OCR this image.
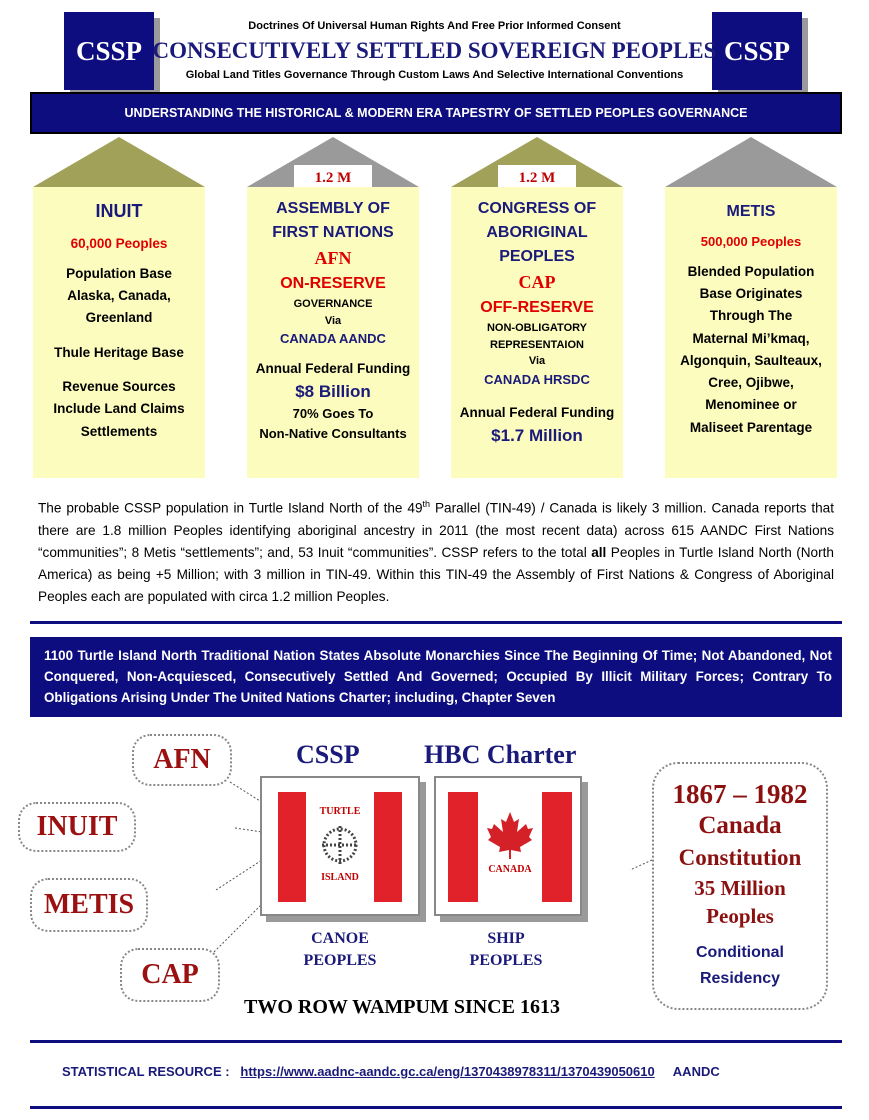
CSSP	CSSP
Doctrines Of Universal Human Rights And Free Prior Informed Consent
CONSECUTIVELY SETTLED SOVEREIGN PEOPLES
Global Land Titles Governance Through Custom Laws And Selective International Conventions
UNDERSTANDING THE HISTORICAL & MODERN ERA TAPESTRY OF SETTLED PEOPLES GOVERNANCE
INUIT
60,000 Peoples
Population Base
Alaska, Canada,
Greenland
Thule Heritage Base
Revenue Sources
Include Land Claims
Settlements
1.2 M
ASSEMBLY OF
FIRST NATIONS
AFN
ON-RESERVE
GOVERNANCE
Via
CANADA AANDC
Annual Federal Funding
$8 Billion
70% Goes To
Non-Native Consultants
1.2 M
CONGRESS OF
ABORIGINAL
PEOPLES
CAP
OFF-RESERVE
NON-OBLIGATORY
REPRESENTAION
Via
CANADA HRSDC
Annual Federal Funding
$1.7 Million
METIS
500,000 Peoples
Blended Population
Base Originates
Through The
Maternal Mi’kmaq,
Algonquin, Saulteaux,
Cree, Ojibwe,
Menominee or
Maliseet Parentage
The probable CSSP population in Turtle Island North of the 49th Parallel (TIN-49) / Canada is likely 3 million. Canada reports that there are 1.8 million Peoples identifying aboriginal ancestry in 2011 (the most recent data) across 615 AANDC First Nations “communities”; 8 Metis “settlements”; and, 53 Inuit “communities”. CSSP refers to the total all Peoples in Turtle Island North (North America) as being +5 Million; with 3 million in TIN-49. Within this TIN-49 the Assembly of First Nations & Congress of Aboriginal Peoples each are populated with circa 1.2 million Peoples.
1100 Turtle Island North Traditional Nation States Absolute Monarchies Since The Beginning Of Time; Not Abandoned, Not Conquered, Non-Acquiesced, Consecutively Settled And Governed; Occupied By Illicit Military Forces; Contrary To Obligations Arising Under The United Nations Charter; including, Chapter Seven
AFN
INUIT
METIS
CAP
CSSP HBC Charter
TURTLE
ISLAND
CANADA
CANOE
PEOPLES
SHIP
PEOPLES
1867 – 1982
Canada
Constitution
35 Million
Peoples
Conditional
Residency
TWO ROW WAMPUM SINCE 1613
STATISTICAL RESOURCE : https://www.aadnc-aandc.gc.ca/eng/1370438978311/1370439050610 AANDC
